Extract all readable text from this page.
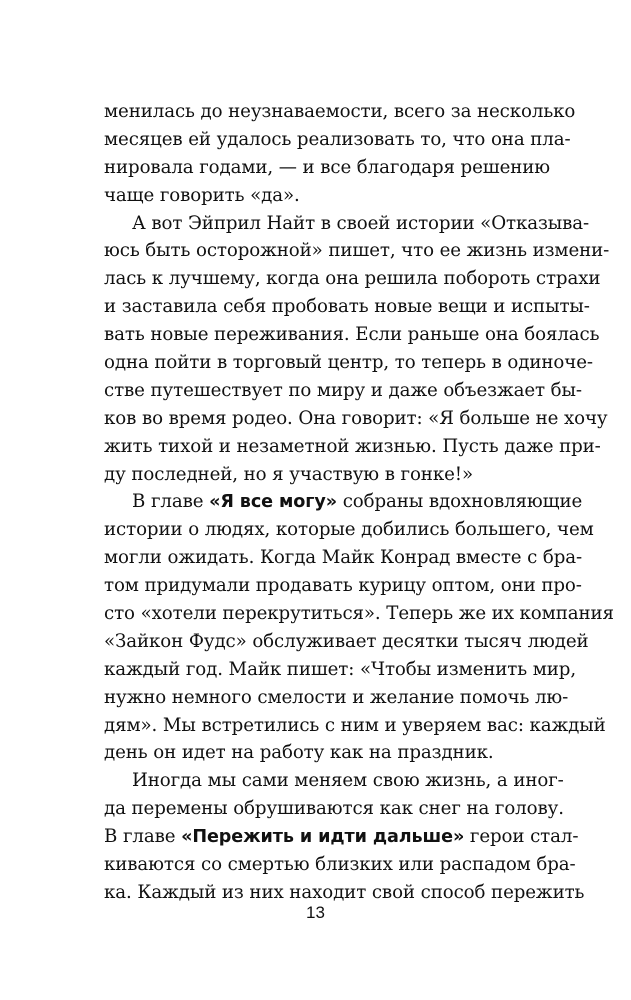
менилась до неузнаваемости, всего за несколько
месяцев ей удалось реализовать то, что она пла-
нировала годами, — и все благодаря решению
чаще говорить «да».
А вот Эйприл Найт в своей истории «Отказыва-
юсь быть осторожной» пишет, что ее жизнь измени-
лась к лучшему, когда она решила побороть страхи
и заставила себя пробовать новые вещи и испыты-
вать новые переживания. Если раньше она боялась
одна пойти в торговый центр, то теперь в одиноче-
стве путешествует по миру и даже объезжает бы-
ков во время родео. Она говорит: «Я больше не хочу
жить тихой и незаметной жизнью. Пусть даже при-
ду последней, но я участвую в гонке!»
В главе «Я все могу» собраны вдохновляющие
истории о людях, которые добились большего, чем
могли ожидать. Когда Майк Конрад вместе с бра-
том придумали продавать курицу оптом, они про-
сто «хотели перекрутиться». Теперь же их компания
«Зайкон Фудс» обслуживает десятки тысяч людей
каждый год. Майк пишет: «Чтобы изменить мир,
нужно немного смелости и желание помочь лю-
дям». Мы встретились с ним и уверяем вас: каждый
день он идет на работу как на праздник.
Иногда мы сами меняем свою жизнь, а иног-
да перемены обрушиваются как снег на голову.
В главе «Пережить и идти дальше» герои стал-
киваются со смертью близких или распадом бра-
ка. Каждый из них находит свой способ пережить
13
